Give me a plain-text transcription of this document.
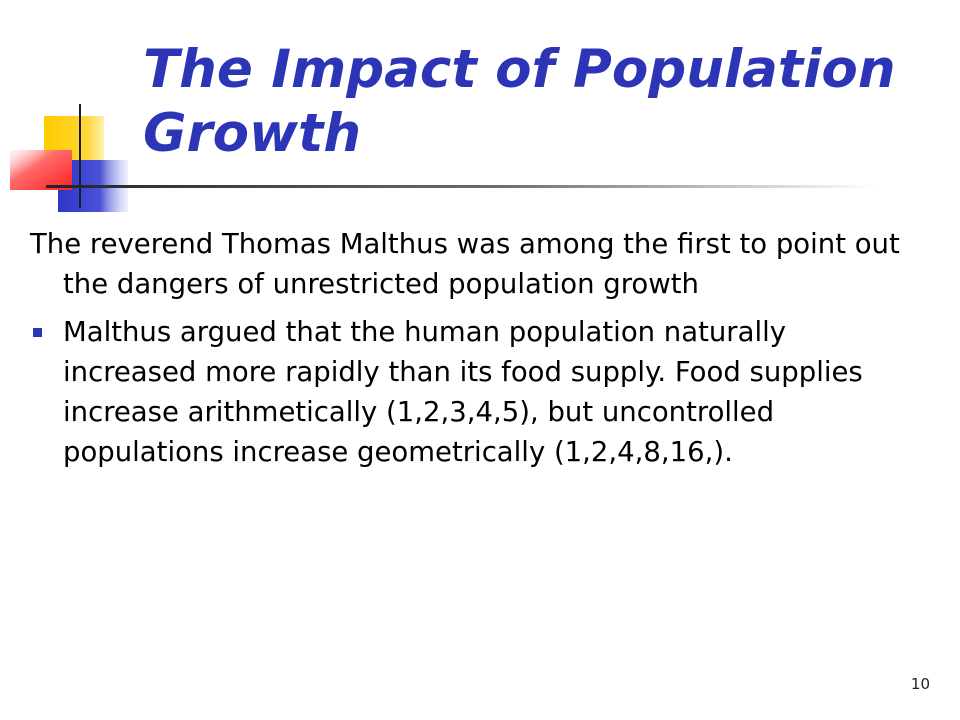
The Impact of Population Growth
The reverend Thomas Malthus was among the first to point out the dangers of unrestricted population growth
Malthus argued that the human population naturally increased more rapidly than its food supply. Food supplies increase arithmetically (1,2,3,4,5), but uncontrolled populations increase geometrically (1,2,4,8,16,).
10
